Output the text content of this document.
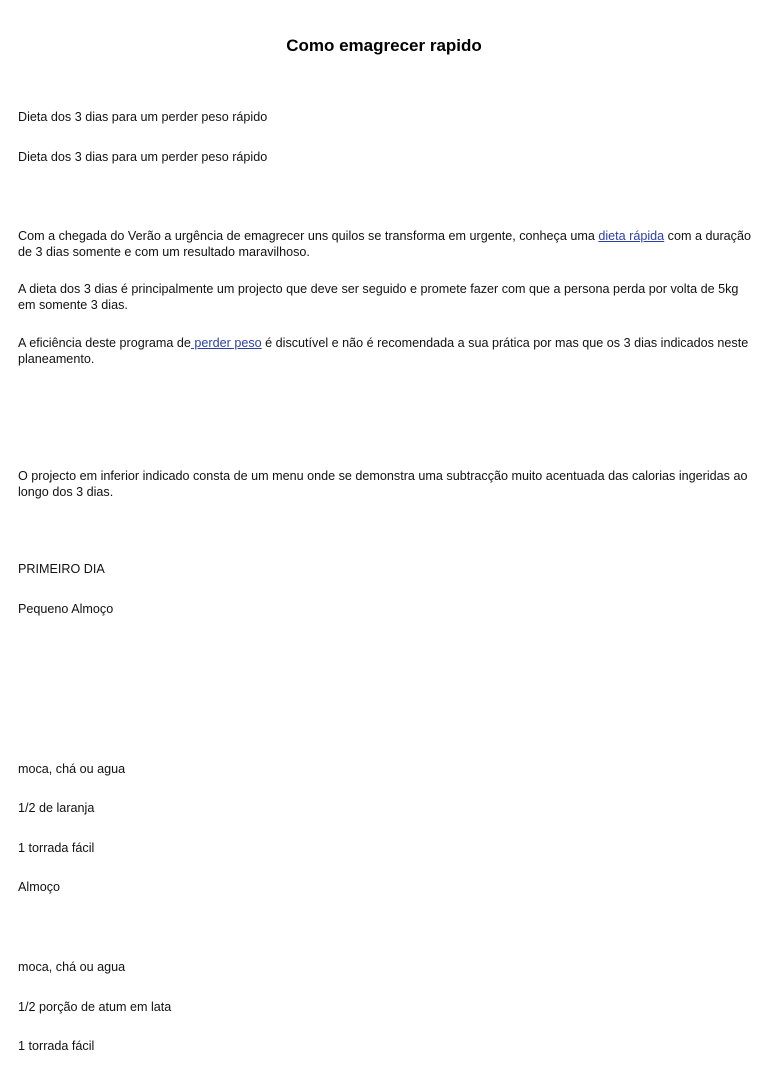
Como emagrecer rapido

Dieta dos 3 dias para um perder peso rápido

Dieta dos 3 dias para um perder peso rápido

Com a chegada do Verão a urgência de emagrecer uns quilos se transforma em urgente, conheça uma dieta rápida com a duração de 3 dias somente e com um resultado maravilhoso.

A dieta dos 3 dias é principalmente um projecto que deve ser seguido e promete fazer com que a persona perda por volta de 5kg em somente 3 dias.

A eficiência deste programa de perder peso é discutível e não é recomendada a sua prática por mas que os 3 dias indicados neste planeamento.

O projecto em inferior indicado consta de um menu onde se demonstra uma subtracção muito acentuada das calorias ingeridas ao longo dos 3 dias.

PRIMEIRO DIA

Pequeno Almoço

moca, chá ou agua

1/2 de laranja

1 torrada fácil

Almoço

moca, chá ou agua

1/2 porção de atum em lata

1 torrada fácil
